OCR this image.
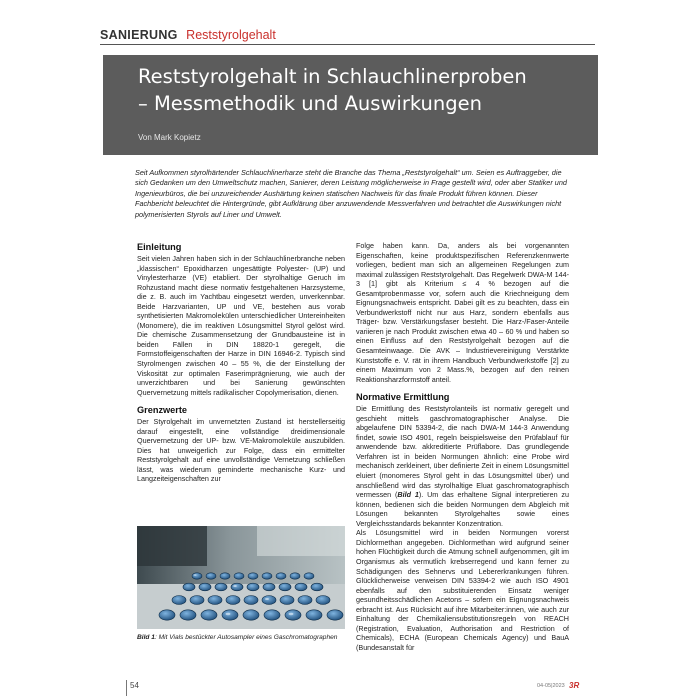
SANIERUNG Reststyrolgehalt
Reststyrolgehalt in Schlauchlinerproben
– Messmethodik und Auswirkungen
Von Mark Kopietz

Seit Aufkommen styrolhärtender Schlauchlinerharze steht die Branche das Thema „Reststyrolgehalt“ um. Seien es Auftraggeber, die sich Gedanken um den Umweltschutz machen, Sanierer, deren Leistung möglicherweise in Frage gestellt wird, oder aber Statiker und Ingenieurbüros, die bei unzureichender Aushärtung keinen statischen Nachweis für das finale Produkt führen können. Dieser Fachbericht beleuchtet die Hintergründe, gibt Aufklärung über anzuwendende Messverfahren und betrachtet die Auswirkungen nicht polymerisierten Styrols auf Liner und Umwelt.

Einleitung

Seit vielen Jahren haben sich in der Schlauchlinerbranche neben „klassischen“ Epoxidharzen ungesättigte Polyester- (UP) und Vinylesterharze (VE) etabliert. Der styrolhaltige Geruch im Rohzustand macht diese normativ festgehaltenen Harzsysteme, die z. B. auch im Yachtbau eingesetzt werden, unverkennbar. Beide Harzvarianten, UP und VE, bestehen aus vorab synthetisierten Makromolekülen unterschiedlicher Untereinheiten (Monomere), die im reaktiven Lösungsmittel Styrol gelöst wird. Die chemische Zusammensetzung der Grundbausteine ist in beiden Fällen in DIN 18820-1 geregelt, die Formstoffeigenschaften der Harze in DIN 16946-2. Typisch sind Styrolmengen zwischen 40 – 55 %, die der Einstellung der Viskosität zur optimalen Faserimprägnierung, wie auch der unverzichtbaren und bei Sanierung gewünschten Quervernetzung mittels radikalischer Copolymerisation, dienen.

Grenzwerte

Der Styrolgehalt im unvernetzten Zustand ist herstellerseitig darauf eingestellt, eine vollständige dreidimensionale Quervernetzung der UP- bzw. VE-Makromoleküle auszubilden. Dies hat unweigerlich zur Folge, dass ein ermittelter Reststyrolgehalt auf eine unvollständige Vernetzung schließen lässt, was wiederum geminderte mechanische Kurz- und Langzeiteigenschaften zur

Bild 1: Mit Vials bestückter Autosampler eines Gaschromatographen

Folge haben kann. Da, anders als bei vorgenannten Eigenschaften, keine produktspezifischen Referenzkennwerte vorliegen, bedient man sich an allgemeinen Regelungen zum maximal zulässigen Reststyrolgehalt. Das Regelwerk DWA-M 144-3 [1] gibt als Kriterium ≤ 4 % bezogen auf die Gesamtprobenmasse vor, sofern auch die Kriechneigung dem Eignungsnachweis entspricht. Dabei gilt es zu beachten, dass ein Verbundwerkstoff nicht nur aus Harz, sondern ebenfalls aus Träger- bzw. Verstärkungsfaser besteht. Die Harz-/Faser-Anteile variieren je nach Produkt zwischen etwa 40 – 60 % und haben so einen Einfluss auf den Reststyrolgehalt bezogen auf die Gesamteinwaage. Die AVK – Industrievereinigung Verstärkte Kunststoffe e. V. rät in ihrem Handbuch Verbundwerkstoffe [2] zu einem Maximum von 2 Mass.%, bezogen auf den reinen Reaktionsharzformstoff anteil.

Normative Ermittlung

Die Ermittlung des Reststyrolanteils ist normativ geregelt und geschieht mittels gaschromatographischer Analyse. Die abgelaufene DIN 53394-2, die nach DWA-M 144-3 Anwendung findet, sowie ISO 4901, regeln beispielsweise den Prüfablauf für anwendende bzw. akkreditierte Prüflabore. Das grundlegende Verfahren ist in beiden Normungen ähnlich: eine Probe wird mechanisch zerkleinert, über definierte Zeit in einem Lösungsmittel eluiert (monomeres Styrol geht in das Lösungsmittel über) und anschließend wird das styrolhaltige Eluat gaschromatographisch vermessen (Bild 1). Um das erhaltene Signal interpretieren zu können, bedienen sich die beiden Normungen dem Abgleich mit Lösungen bekannten Styrolgehaltes sowie eines Vergleichsstandards bekannter Konzentration.

Als Lösungsmittel wird in beiden Normungen vorerst Dichlormethan angegeben. Dichlormethan wird aufgrund seiner hohen Flüchtigkeit durch die Atmung schnell aufgenommen, gilt im Organismus als vermutlich krebserregend und kann ferner zu Schädigungen des Sehnervs und Lebererkrankungen führen. Glücklicherweise verweisen DIN 53394-2 wie auch ISO 4901 ebenfalls auf den substituierenden Einsatz weniger gesundheitsschädlichen Acetons – sofern ein Eignungsnachweis erbracht ist. Aus Rücksicht auf ihre Mitarbeiter:innen, wie auch zur Einhaltung der Chemikaliensubstitutionsregeln von REACH (Registration, Evaluation, Authorisation and Restriction of Chemicals), ECHA (European Chemicals Agency) und BauA (Bundesanstalt für

54	04-05|2023 3R
